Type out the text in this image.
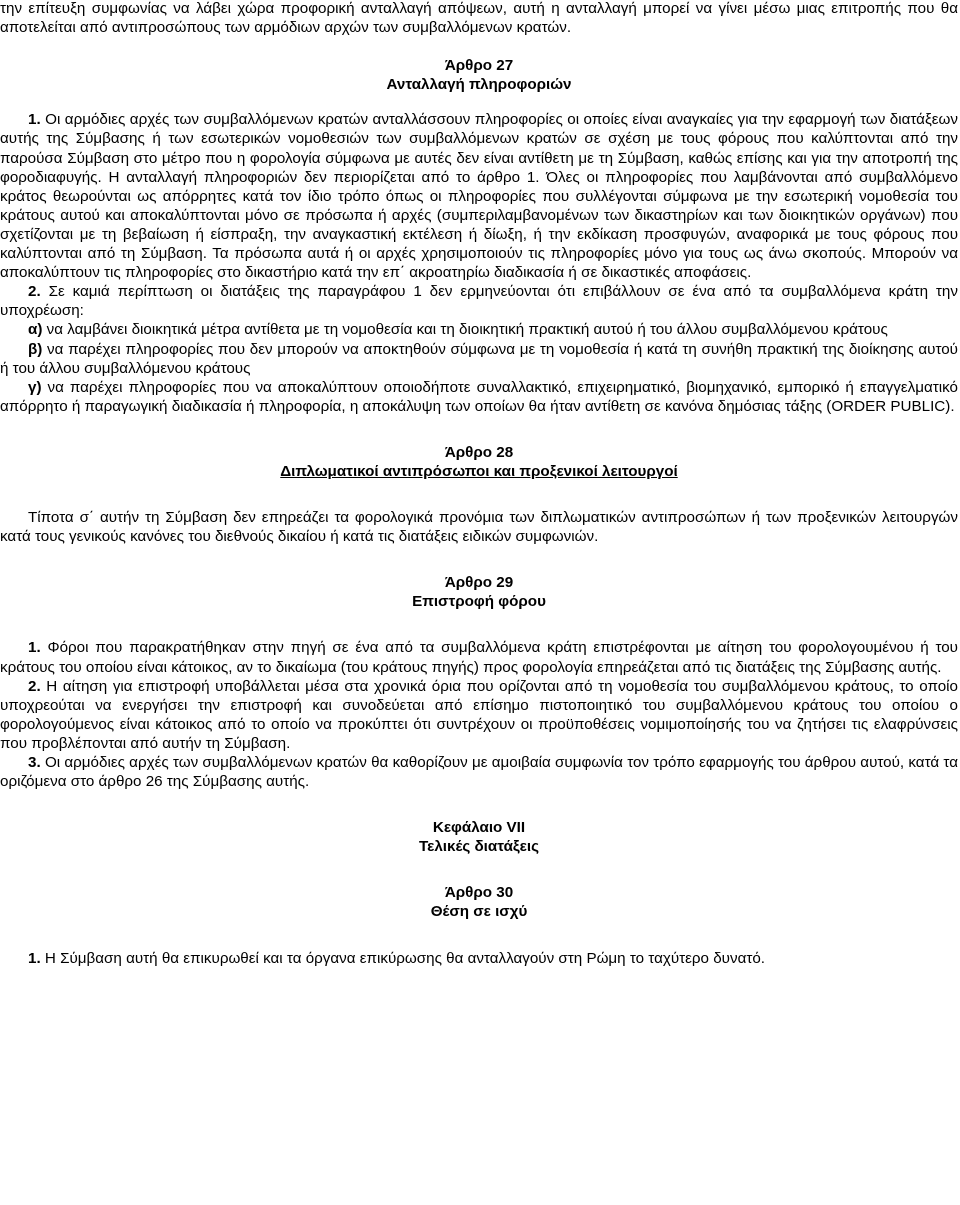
την επίτευξη συμφωνίας να λάβει χώρα προφορική ανταλλαγή απόψεων, αυτή η ανταλλαγή μπορεί να γίνει μέσω μιας επιτροπής που θα αποτελείται από αντιπροσώπους των αρμόδιων αρχών των συμβαλλόμενων κρατών.

Άρθρο 27

Ανταλλαγή πληροφοριών

1. Οι αρμόδιες αρχές των συμβαλλόμενων κρατών ανταλλάσσουν πληροφορίες οι οποίες είναι αναγκαίες για την εφαρμογή των διατάξεων αυτής της Σύμβασης ή των εσωτερικών νομοθεσιών των συμβαλλόμενων κρατών σε σχέση με τους φόρους που καλύπτονται από την παρούσα Σύμβαση στο μέτρο που η φορολογία σύμφωνα με αυτές δεν είναι αντίθετη με τη Σύμβαση, καθώς επίσης και για την αποτροπή της φοροδιαφυγής. Η ανταλλαγή πληροφοριών δεν περιορίζεται από το άρθρο 1. Όλες οι πληροφορίες που λαμβάνονται από συμβαλλόμενο κράτος θεωρούνται ως απόρρητες κατά τον ίδιο τρόπο όπως οι πληροφορίες που συλλέγονται σύμφωνα με την εσωτερική νομοθεσία του κράτους αυτού και αποκαλύπτονται μόνο σε πρόσωπα ή αρχές (συμπεριλαμβανομένων των δικαστηρίων και των διοικητικών οργάνων) που σχετίζονται με τη βεβαίωση ή είσπραξη, την αναγκαστική εκτέλεση ή δίωξη, ή την εκδίκαση προσφυγών, αναφορικά με τους φόρους που καλύπτονται από τη Σύμβαση. Τα πρόσωπα αυτά ή οι αρχές χρησιμοποιούν τις πληροφορίες μόνο για τους ως άνω σκοπούς. Μπορούν να αποκαλύπτουν τις πληροφορίες στο δικαστήριο κατά την επ΄ ακροατηρίω διαδικασία ή σε δικαστικές αποφάσεις.

2. Σε καμιά περίπτωση οι διατάξεις της παραγράφου 1 δεν ερμηνεύονται ότι επιβάλλουν σε ένα από τα συμβαλλόμενα κράτη την υποχρέωση:

α) να λαμβάνει διοικητικά μέτρα αντίθετα με τη νομοθεσία και τη διοικητική πρακτική αυτού ή του άλλου συμβαλλόμενου κράτους

β) να παρέχει πληροφορίες που δεν μπορούν να αποκτηθούν σύμφωνα με τη νομοθεσία ή κατά τη συνήθη πρακτική της διοίκησης αυτού ή του άλλου συμβαλλόμενου κράτους

γ) να παρέχει πληροφορίες που να αποκαλύπτουν οποιοδήποτε συναλλακτικό, επιχειρηματικό, βιομηχανικό, εμπορικό ή επαγγελματικό απόρρητο ή παραγωγική διαδικασία ή πληροφορία, η αποκάλυψη των οποίων θα ήταν αντίθετη σε κανόνα δημόσιας τάξης (ORDER PUBLIC).

Άρθρο 28

Διπλωματικοί αντιπρόσωποι και προξενικοί λειτουργοί

Τίποτα σ΄ αυτήν τη Σύμβαση δεν επηρεάζει τα φορολογικά προνόμια των διπλωματικών αντιπροσώπων ή των προξενικών λειτουργών κατά τους γενικούς κανόνες του διεθνούς δικαίου ή κατά τις διατάξεις ειδικών συμφωνιών.

Άρθρο 29

Επιστροφή φόρου

1. Φόροι που παρακρατήθηκαν στην πηγή σε ένα από τα συμβαλλόμενα κράτη επιστρέφονται με αίτηση του φορολογουμένου ή του κράτους του οποίου είναι κάτοικος, αν το δικαίωμα (του κράτους πηγής) προς φορολογία επηρεάζεται από τις διατάξεις της Σύμβασης αυτής.

2. Η αίτηση για επιστροφή υποβάλλεται μέσα στα χρονικά όρια που ορίζονται από τη νομοθεσία του συμβαλλόμενου κράτους, το οποίο υποχρεούται να ενεργήσει την επιστροφή και συνοδεύεται από επίσημο πιστοποιητικό του συμβαλλόμενου κράτους του οποίου ο φορολογούμενος είναι κάτοικος από το οποίο να προκύπτει ότι συντρέχουν οι προϋποθέσεις νομιμοποίησής του να ζητήσει τις ελαφρύνσεις που προβλέπονται από αυτήν τη Σύμβαση.

3. Οι αρμόδιες αρχές των συμβαλλόμενων κρατών θα καθορίζουν με αμοιβαία συμφωνία τον τρόπο εφαρμογής του άρθρου αυτού, κατά τα οριζόμενα στο άρθρο 26 της Σύμβασης αυτής.

Κεφάλαιο VII

Τελικές διατάξεις

Άρθρο 30

Θέση σε ισχύ

1. Η Σύμβαση αυτή θα επικυρωθεί και τα όργανα επικύρωσης θα ανταλλαγούν στη Ρώμη το ταχύτερο δυνατό.
